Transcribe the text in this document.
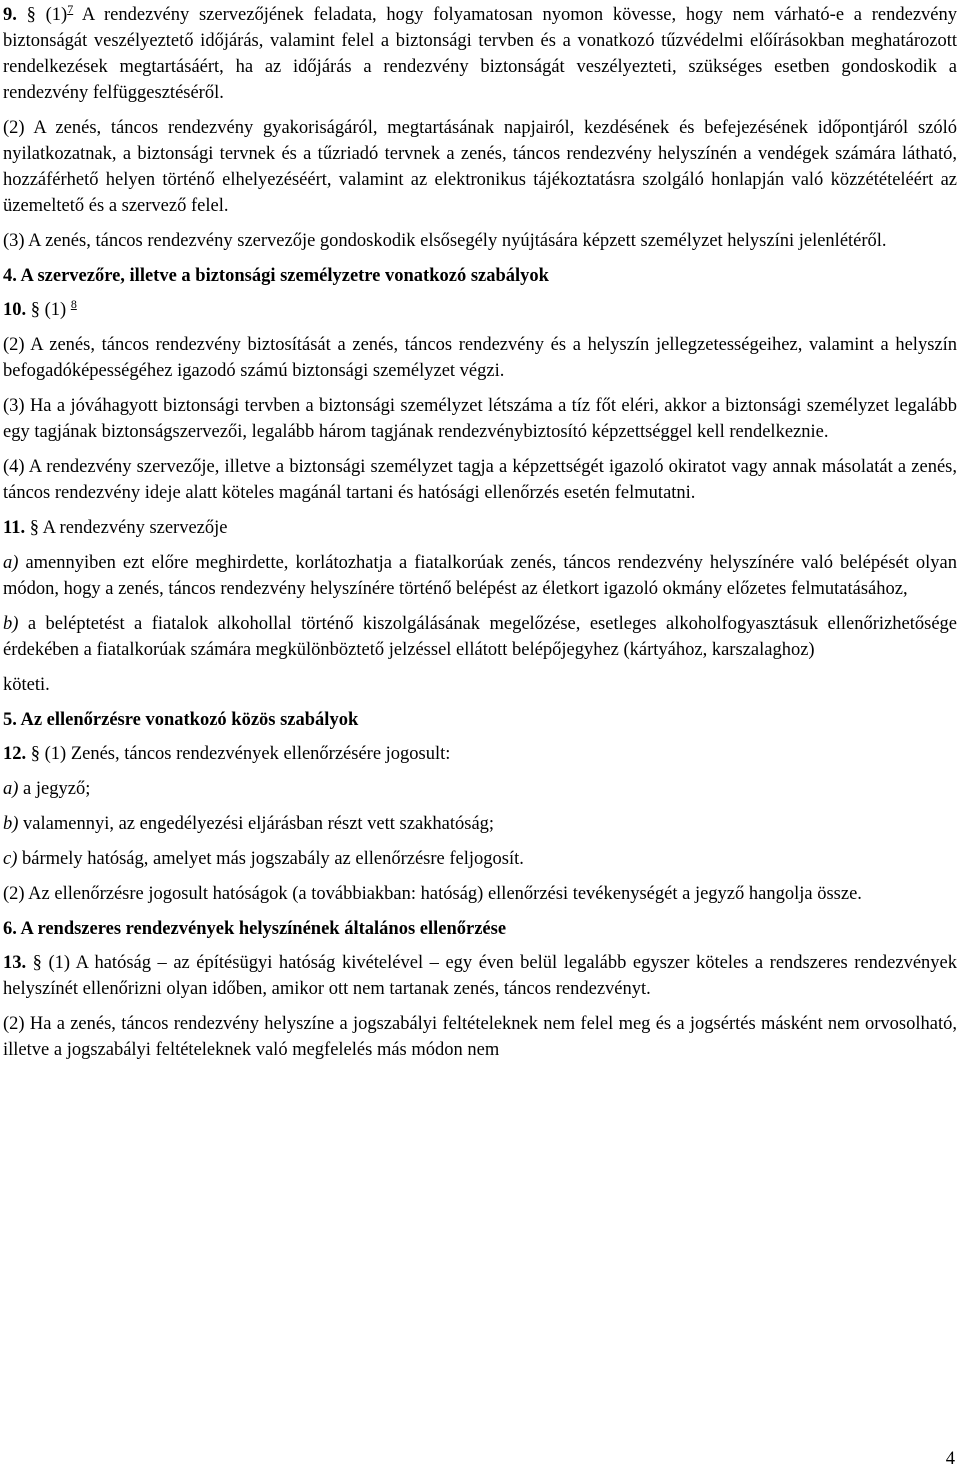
9. § (1)$^7$ A rendezvény szervezőjének feladata, hogy folyamatosan nyomon kövesse, hogy nem várható-e a rendezvény biztonságát veszélyeztető időjárás, valamint felel a biztonsági tervben és a vonatkozó tűzvédelmi előírásokban meghatározott rendelkezések megtartásáért, ha az időjárás a rendezvény biztonságát veszélyezteti, szükséges esetben gondoskodik a rendezvény felfüggesztéséről.

(2) A zenés, táncos rendezvény gyakoriságáról, megtartásának napjairól, kezdésének és befejezésének időpontjáról szóló nyilatkozatnak, a biztonsági tervnek és a tűzriadó tervnek a zenés, táncos rendezvény helyszínén a vendégek számára látható, hozzáférhető helyen történő elhelyezéséért, valamint az elektronikus tájékoztatásra szolgáló honlapján való közzétételéért az üzemeltető és a szervező felel.

(3) A zenés, táncos rendezvény szervezője gondoskodik elsősegély nyújtására képzett személyzet helyszíni jelenlétéről.

4. A szervezőre, illetve a biztonsági személyzetre vonatkozó szabályok

10. § (1) $^8$

(2) A zenés, táncos rendezvény biztosítását a zenés, táncos rendezvény és a helyszín jellegzetességeihez, valamint a helyszín befogadóképességéhez igazodó számú biztonsági személyzet végzi.

(3) Ha a jóváhagyott biztonsági tervben a biztonsági személyzet létszáma a tíz főt eléri, akkor a biztonsági személyzet legalább egy tagjának biztonságszervezői, legalább három tagjának rendezvénybiztosító képzettséggel kell rendelkeznie.

(4) A rendezvény szervezője, illetve a biztonsági személyzet tagja a képzettségét igazoló okiratot vagy annak másolatát a zenés, táncos rendezvény ideje alatt köteles magánál tartani és hatósági ellenőrzés esetén felmutatni.

11. § A rendezvény szervezője

a) amennyiben ezt előre meghirdette, korlátozhatja a fiatalkorúak zenés, táncos rendezvény helyszínére való belépését olyan módon, hogy a zenés, táncos rendezvény helyszínére történő belépést az életkort igazoló okmány előzetes felmutatásához,

b) a beléptetést a fiatalok alkohollal történő kiszolgálásának megelőzése, esetleges alkoholfogyasztásuk ellenőrizhetősége érdekében a fiatalkorúak számára megkülönböztető jelzéssel ellátott belépőjegyhez (kártyához, karszalaghoz)

köteti.

5. Az ellenőrzésre vonatkozó közös szabályok

12. § (1) Zenés, táncos rendezvények ellenőrzésére jogosult:

a) a jegyző;

b) valamennyi, az engedélyezési eljárásban részt vett szakhatóság;

c) bármely hatóság, amelyet más jogszabály az ellenőrzésre feljogosít.

(2) Az ellenőrzésre jogosult hatóságok (a továbbiakban: hatóság) ellenőrzési tevékenységét a jegyző hangolja össze.

6. A rendszeres rendezvények helyszínének általános ellenőrzése

13. § (1) A hatóság – az építésügyi hatóság kivételével – egy éven belül legalább egyszer köteles a rendszeres rendezvények helyszínét ellenőrizni olyan időben, amikor ott nem tartanak zenés, táncos rendezvényt.

(2) Ha a zenés, táncos rendezvény helyszíne a jogszabályi feltételeknek nem felel meg és a jogsértés másként nem orvosolható, illetve a jogszabályi feltételeknek való megfelelés más módon nem

4
